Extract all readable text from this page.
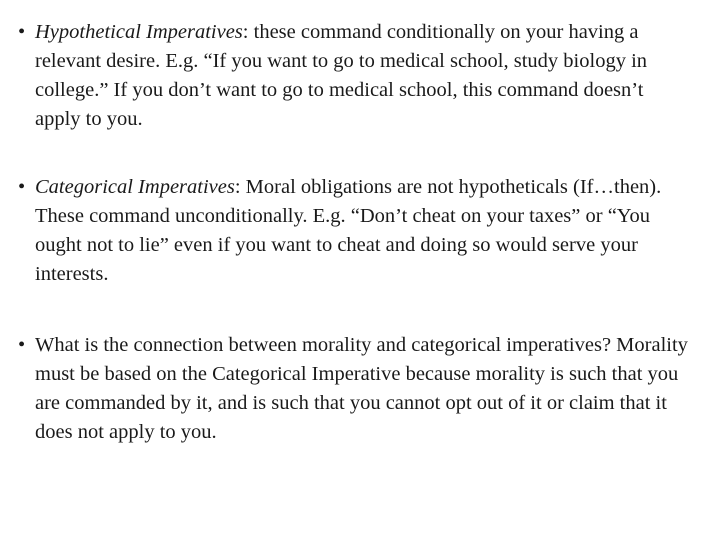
• Hypothetical Imperatives: these command conditionally on your having a relevant desire. E.g. “If you want to go to medical school, study biology in college.” If you don’t want to go to medical school, this command doesn’t apply to you.

• Categorical Imperatives: Moral obligations are not hypotheticals (If…then). These command unconditionally. E.g. “Don’t cheat on your taxes” or “You ought not to lie” even if you want to cheat and doing so would serve your interests.

• What is the connection between morality and categorical imperatives? Morality must be based on the Categorical Imperative because morality is such that you are commanded by it, and is such that you cannot opt out of it or claim that it does not apply to you.
